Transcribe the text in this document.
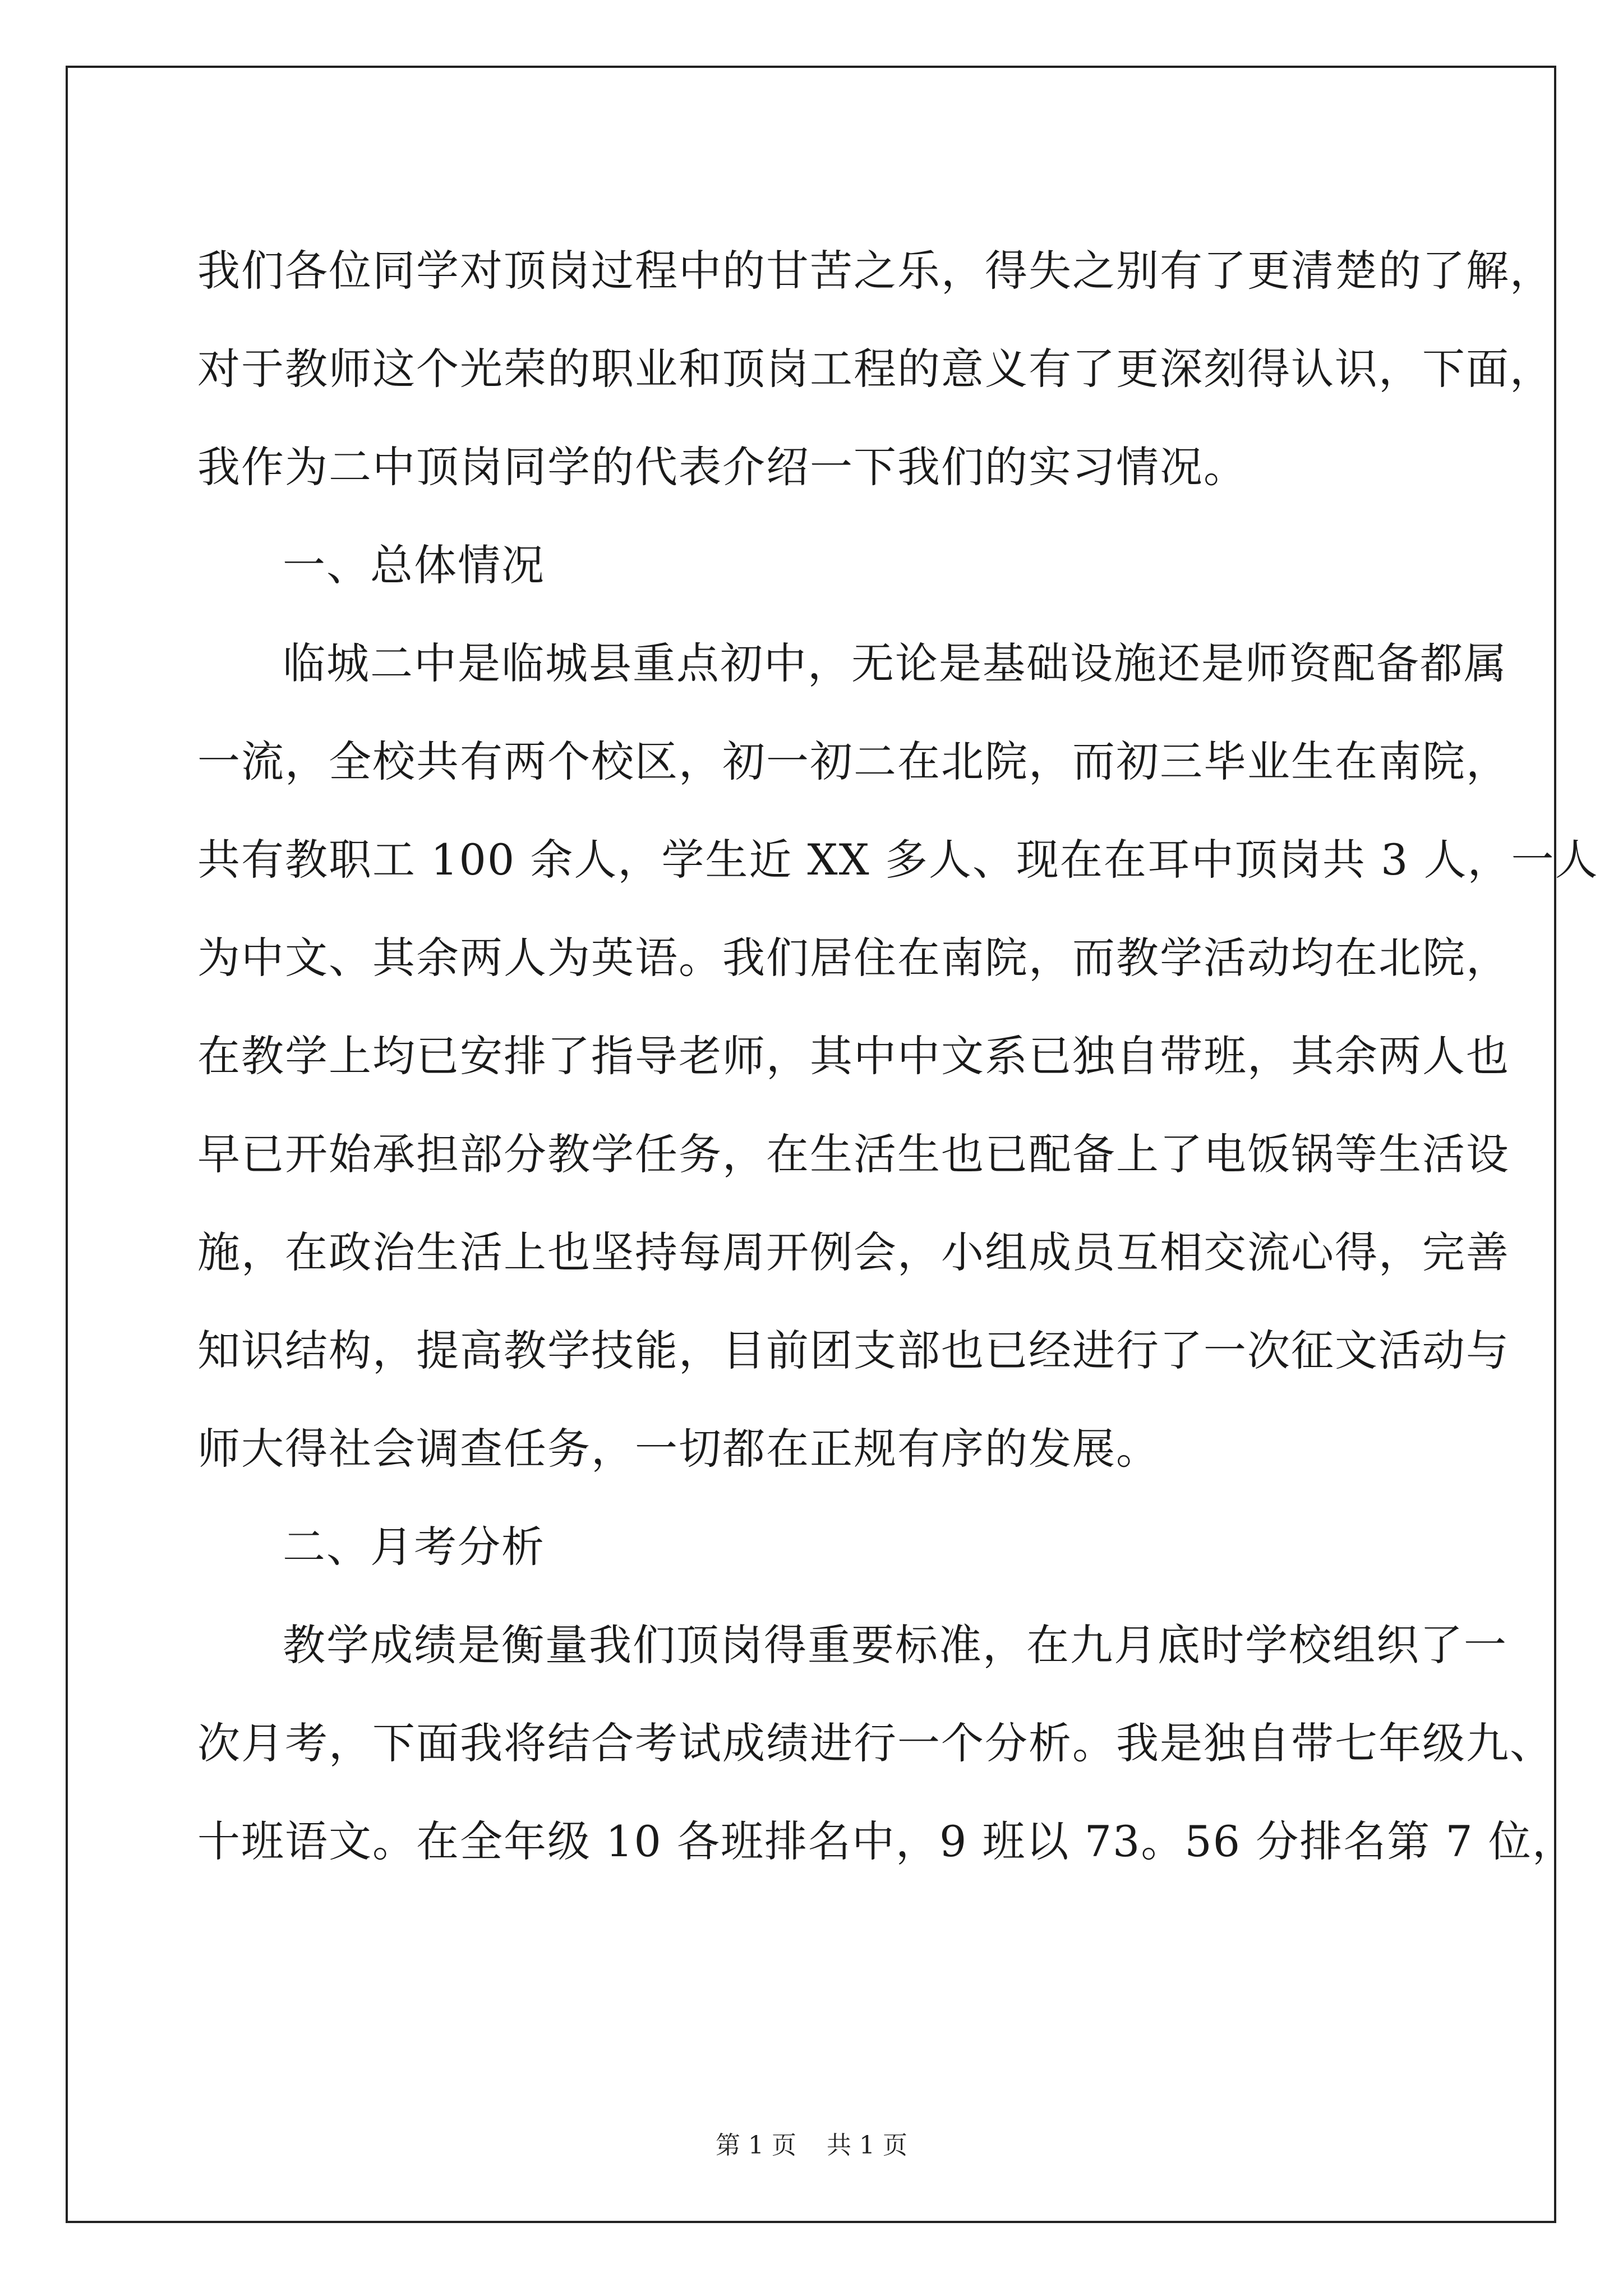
我们各位同学对顶岗过程中的甘苦之乐，得失之别有了更清楚的了解，
对于教师这个光荣的职业和顶岗工程的意义有了更深刻得认识，下面，
我作为二中顶岗同学的代表介绍一下我们的实习情况。

一、总体情况

临城二中是临城县重点初中，无论是基础设施还是师资配备都属
一流，全校共有两个校区，初一初二在北院，而初三毕业生在南院，
共有教职工 100 余人，学生近 XX 多人、现在在耳中顶岗共 3 人，一人
为中文、其余两人为英语。我们居住在南院，而教学活动均在北院，
在教学上均已安排了指导老师，其中中文系已独自带班，其余两人也
早已开始承担部分教学任务，在生活生也已配备上了电饭锅等生活设
施，在政治生活上也坚持每周开例会，小组成员互相交流心得，完善
知识结构，提高教学技能，目前团支部也已经进行了一次征文活动与
师大得社会调查任务，一切都在正规有序的发展。

二、月考分析

教学成绩是衡量我们顶岗得重要标准，在九月底时学校组织了一
次月考，下面我将结合考试成绩进行一个分析。我是独自带七年级九、
十班语文。在全年级 10 各班排名中，9 班以 73。56 分排名第 7 位，

第 1 页 共 1 页
